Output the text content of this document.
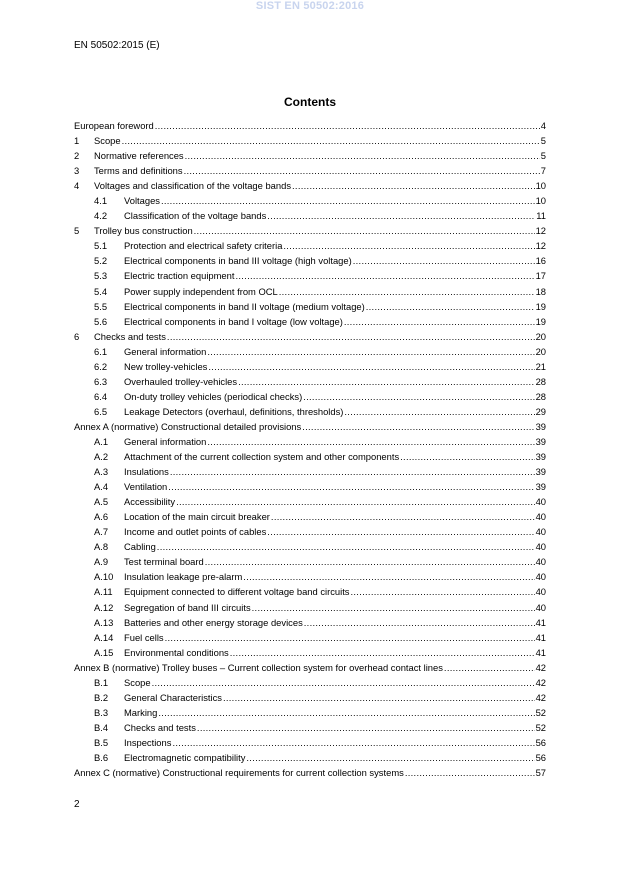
SIST EN 50502:2016
EN 50502:2015 (E)
Contents
European foreword .....	4
1	Scope .....	5
2	Normative references .....	5
3	Terms and definitions .....	7
4	Voltages and classification of the voltage bands .....	10
4.1	Voltages .....	10
4.2	Classification of the voltage bands .....	11
5	Trolley bus construction .....	12
5.1	Protection and electrical safety criteria .....	12
5.2	Electrical components in band III voltage (high voltage) .....	16
5.3	Electric traction equipment .....	17
5.4	Power supply independent from OCL .....	18
5.5	Electrical components in band II voltage (medium voltage) .....	19
5.6	Electrical components in band I voltage (low voltage) .....	19
6	Checks and tests .....	20
6.1	General information .....	20
6.2	New trolley-vehicles .....	21
6.3	Overhauled trolley-vehicles .....	28
6.4	On-duty trolley vehicles (periodical checks) .....	28
6.5	Leakage Detectors (overhaul, definitions, thresholds) .....	29
Annex A (normative) Constructional detailed provisions .....	39
A.1	General information .....	39
A.2	Attachment of the current collection system and other components .....	39
A.3	Insulations .....	39
A.4	Ventilation .....	39
A.5	Accessibility .....	40
A.6	Location of the main circuit breaker .....	40
A.7	Income and outlet points of cables .....	40
A.8	Cabling .....	40
A.9	Test terminal board .....	40
A.10	Insulation leakage pre-alarm .....	40
A.11	Equipment connected to different voltage band circuits .....	40
A.12	Segregation of band III circuits .....	40
A.13	Batteries and other energy storage devices .....	41
A.14	Fuel cells .....	41
A.15	Environmental conditions .....	41
Annex B (normative) Trolley buses – Current collection system for overhead contact lines .....	42
B.1	Scope .....	42
B.2	General Characteristics .....	42
B.3	Marking .....	52
B.4	Checks and tests .....	52
B.5	Inspections .....	56
B.6	Electromagnetic compatibility .....	56
Annex C (normative) Constructional requirements for current collection systems .....	57
2
